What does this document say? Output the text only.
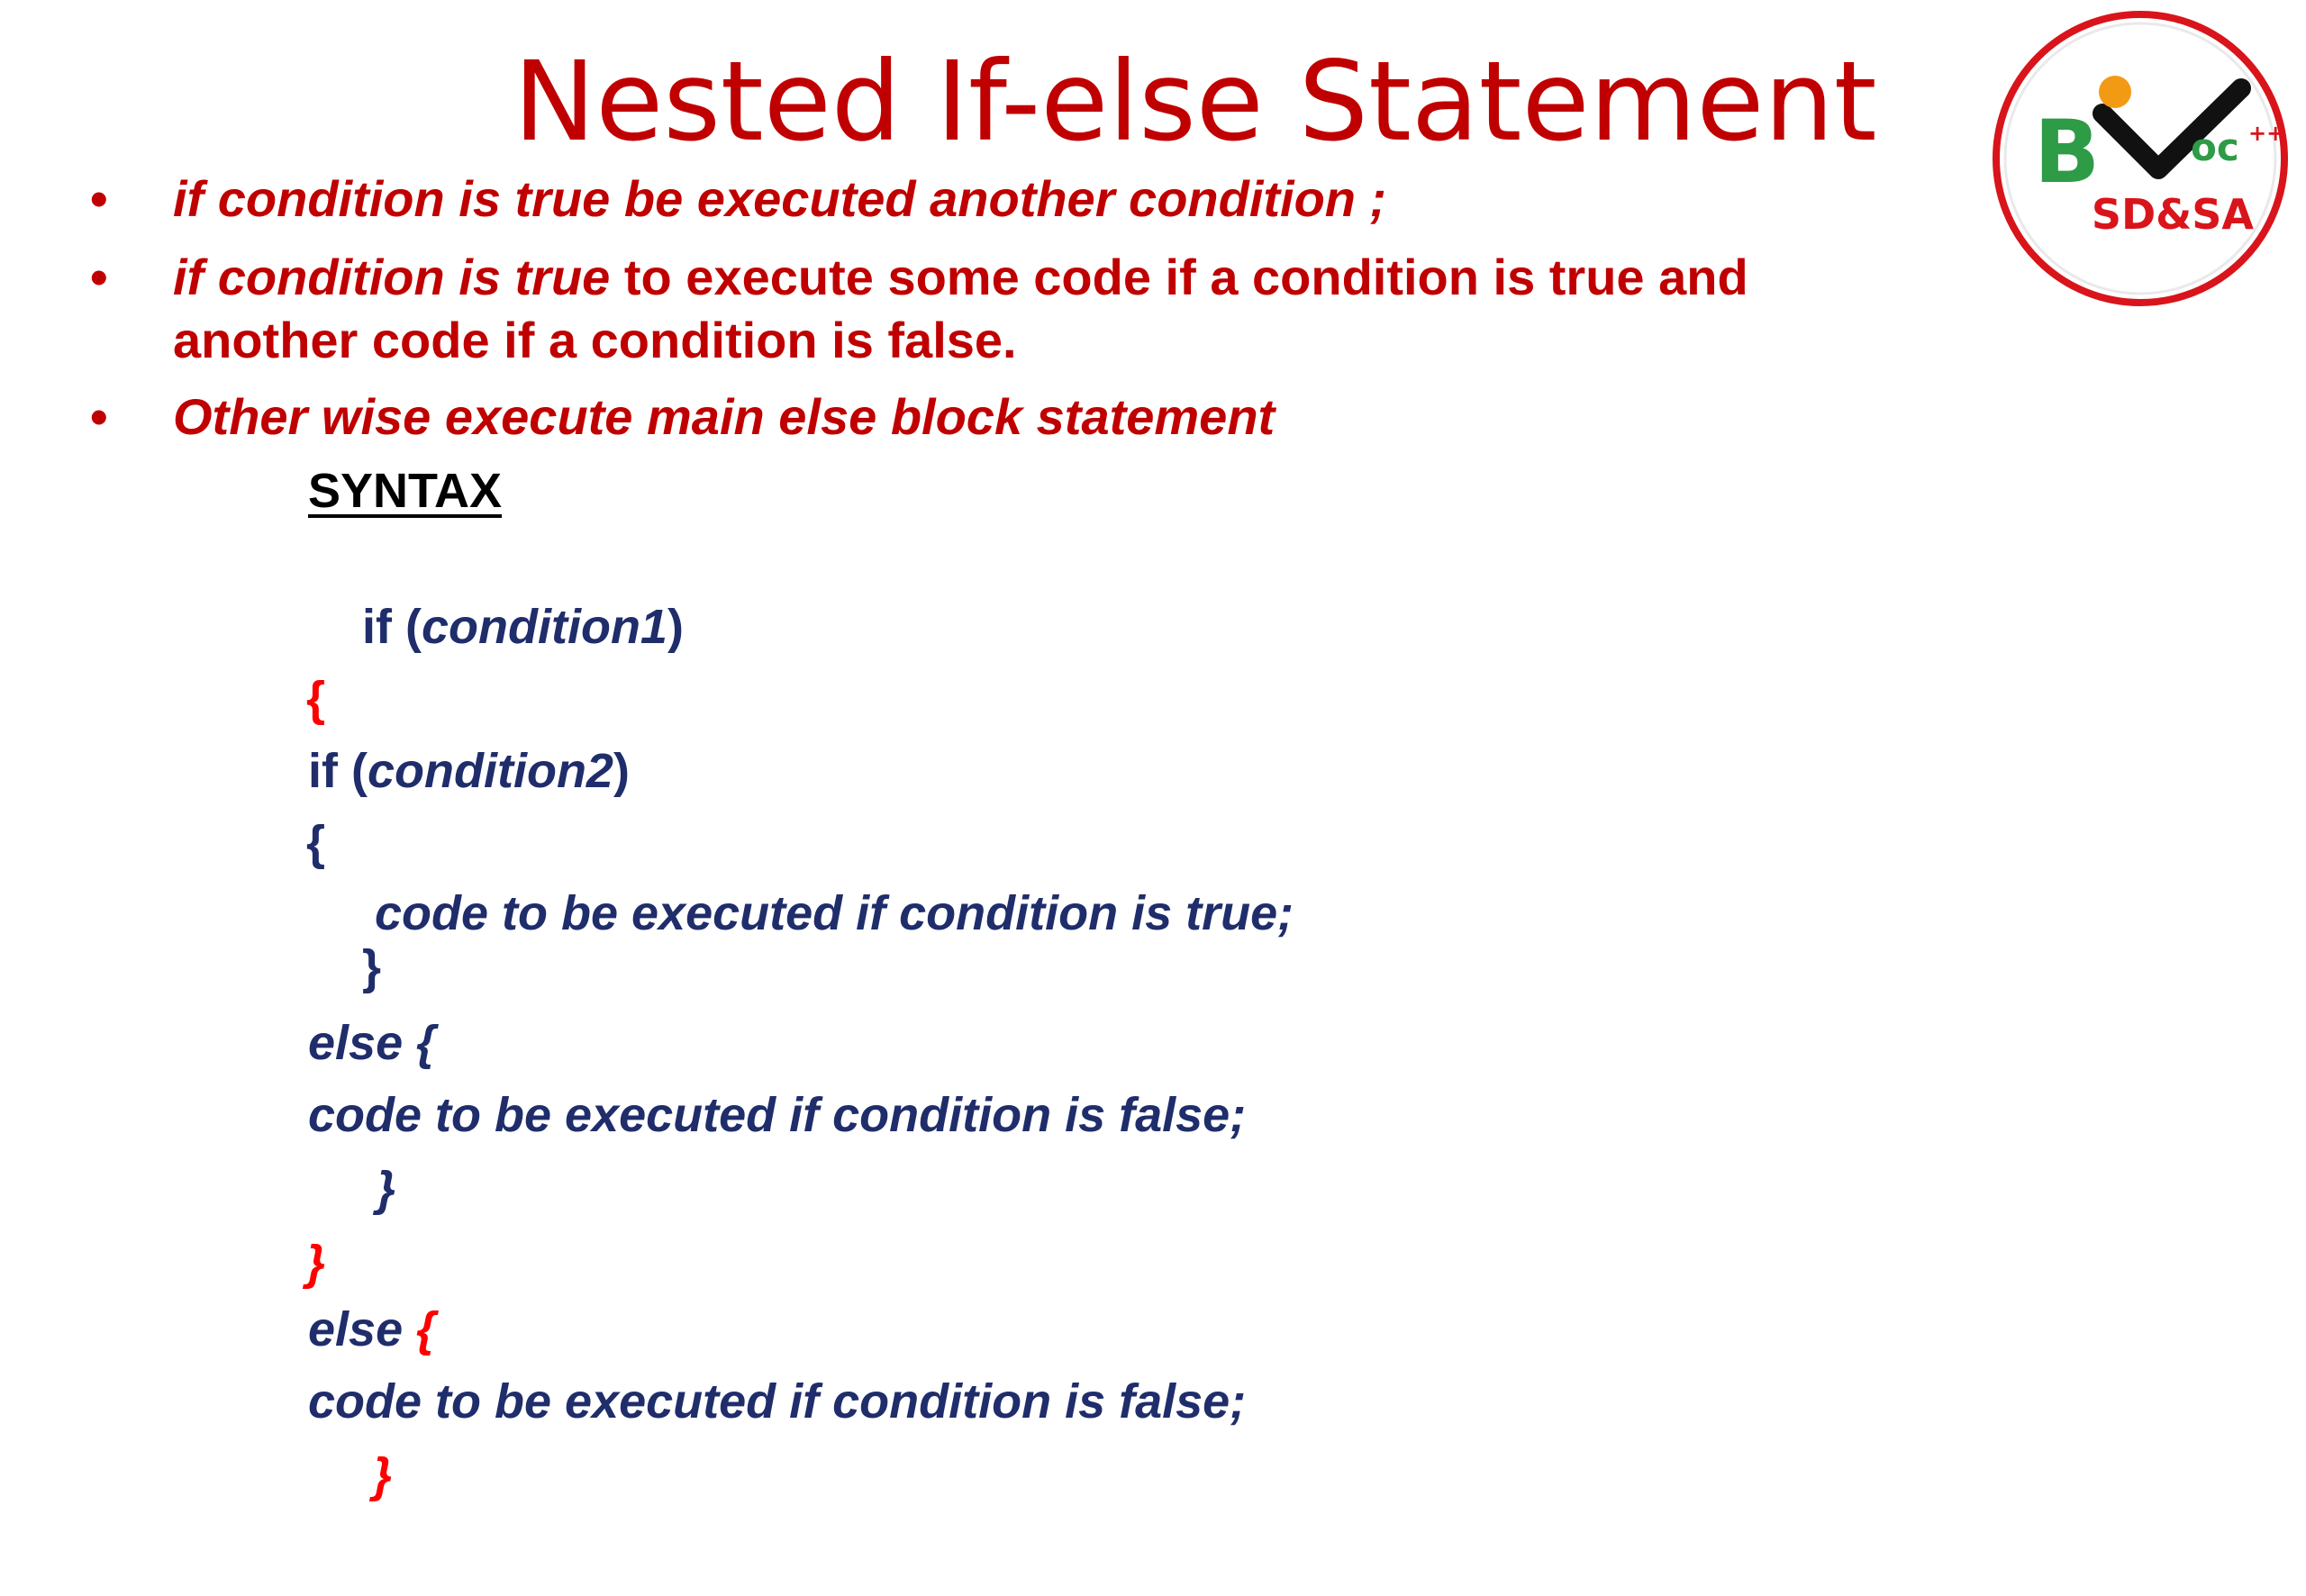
Nested If-else Statement
•	if condition is true be executed another condition ;
•	if condition is true to execute some code if a condition is true and
another code if a condition is false.
•	Other wise execute main else block statement
SYNTAX
if (condition1)
{
if (condition2)
{
code to be executed if condition is true;
}
else {
code to be executed if condition is false;
}
}
else {
code to be executed if condition is false;
}
B oc ++
SD&SA
